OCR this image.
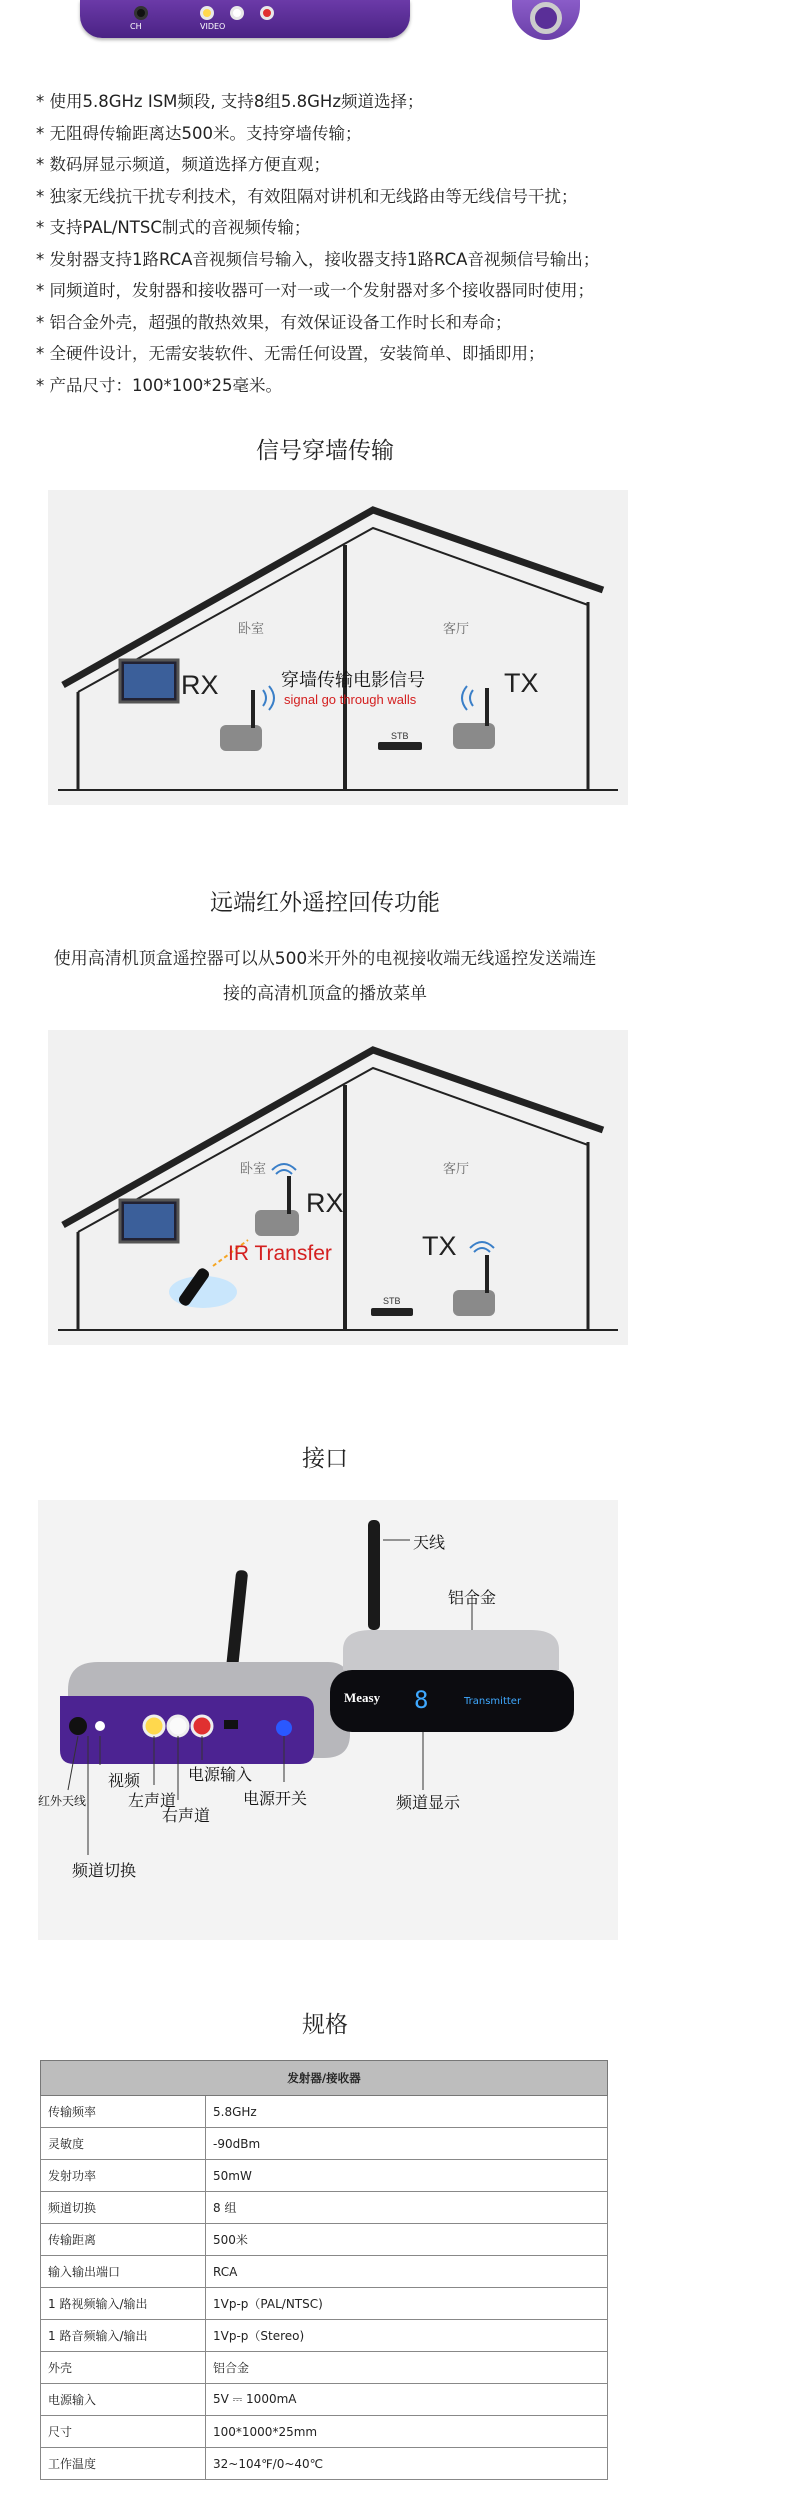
CH	VIDEO
* 使用5.8GHz ISM频段, 支持8组5.8GHz频道选择；
* 无阻碍传输距离达500米。支持穿墙传输；
* 数码屏显示频道，频道选择方便直观；
* 独家无线抗干扰专利技术，有效阻隔对讲机和无线路由等无线信号干扰；
* 支持PAL/NTSC制式的音视频传输；
* 发射器支持1路RCA音视频信号输入，接收器支持1路RCA音视频信号输出；
* 同频道时，发射器和接收器可一对一或一个发射器对多个接收器同时使用；
* 铝合金外壳，超强的散热效果，有效保证设备工作时长和寿命；
* 全硬件设计，无需安装软件、无需任何设置，安装简单、即插即用；
* 产品尺寸：100*100*25毫米。
信号穿墙传输
卧室	客厅
RX	TX
穿墙传输电影信号
signal go through walls
STB
远端红外遥控回传功能
使用高清机顶盒遥控器可以从500米开外的电视接收端无线遥控发送端连
接的高清机顶盒的播放菜单
卧室	客厅
RX
TX
IR Transfer
STB
接口
天线
铝合金
Measy 8	Transmitter
频道显示
红外天线
视频
左声道
右声道
电源输入
电源开关
频道切换
规格
发射器/接收器	
传输频率	5.8GHz
灵敏度	-90dBm
发射功率	50mW
频道切换	8 组
传输距离	500米
输入输出端口	RCA
1 路视频输入/输出	1Vp-p（PAL/NTSC)
1 路音频输入/输出	1Vp-p（Stereo)
外壳	铝合金
电源输入	5V ⎓ 1000mA
尺寸	100*1000*25mm
工作温度	32~104℉/0~40℃
